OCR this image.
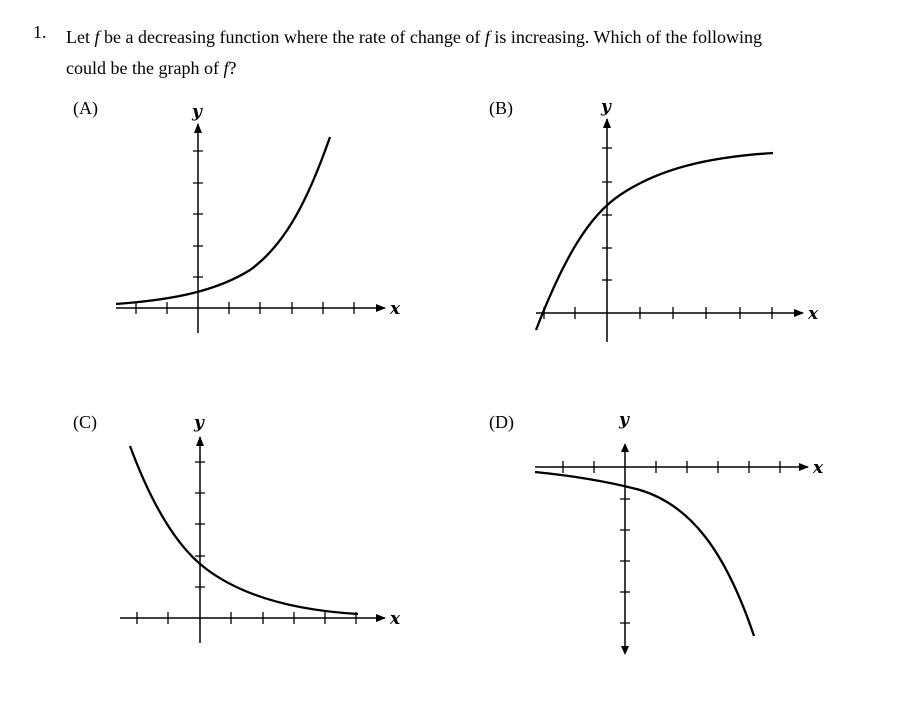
1. Let f be a decreasing function where the rate of change of f is increasing. Which of the following
could be the graph of f?
(A)	(B)
(C)	(D)
x
y
x
y
x
y
x
y
